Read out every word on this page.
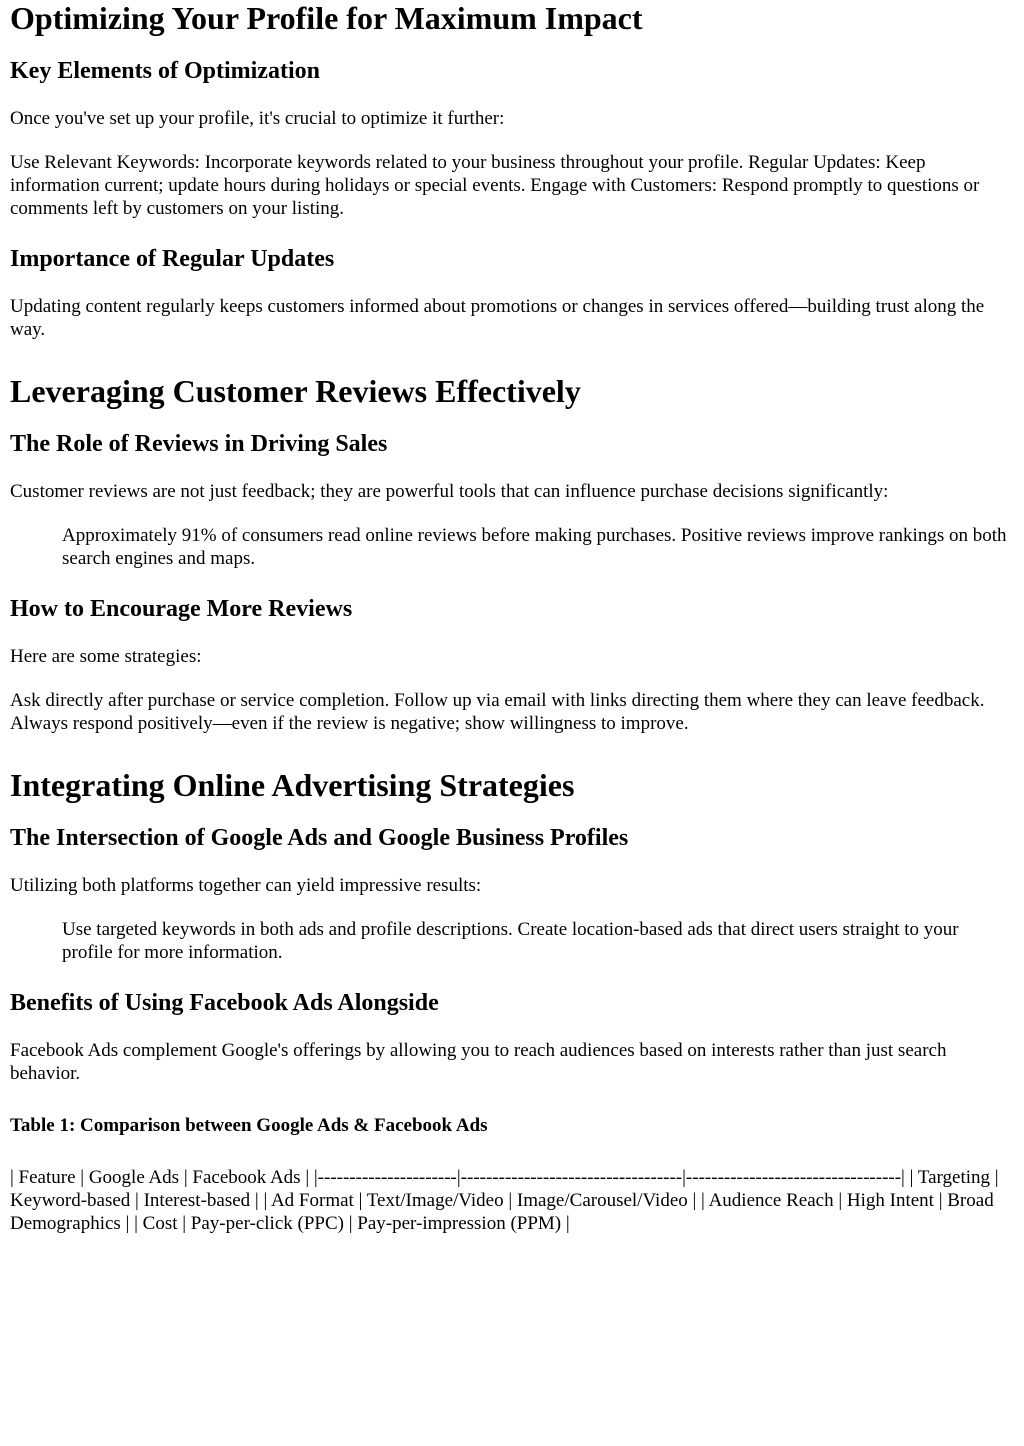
Optimizing Your Profile for Maximum Impact
Key Elements of Optimization

Once you've set up your profile, it's crucial to optimize it further:

Use Relevant Keywords: Incorporate keywords related to your business throughout your profile. Regular Updates: Keep information current; update hours during holidays or special events. Engage with Customers: Respond promptly to questions or comments left by customers on your listing.

Importance of Regular Updates

Updating content regularly keeps customers informed about promotions or changes in services offered—building trust along the way.

Leveraging Customer Reviews Effectively
The Role of Reviews in Driving Sales

Customer reviews are not just feedback; they are powerful tools that can influence purchase decisions significantly:

Approximately 91% of consumers read online reviews before making purchases. Positive reviews improve rankings on both search engines and maps.
How to Encourage More Reviews

Here are some strategies:

Ask directly after purchase or service completion. Follow up via email with links directing them where they can leave feedback. Always respond positively—even if the review is negative; show willingness to improve.

Integrating Online Advertising Strategies
The Intersection of Google Ads and Google Business Profiles

Utilizing both platforms together can yield impressive results:

Use targeted keywords in both ads and profile descriptions. Create location-based ads that direct users straight to your profile for more information.
Benefits of Using Facebook Ads Alongside

Facebook Ads complement Google's offerings by allowing you to reach audiences based on interests rather than just search behavior.

Table 1: Comparison between Google Ads & Facebook Ads

| Feature | Google Ads | Facebook Ads | |----------------------|-----------------------------------|----------------------------------| | Targeting | Keyword-based | Interest-based | | Ad Format | Text/Image/Video | Image/Carousel/Video | | Audience Reach | High Intent | Broad Demographics | | Cost | Pay-per-click (PPC) | Pay-per-impression (PPM) |
